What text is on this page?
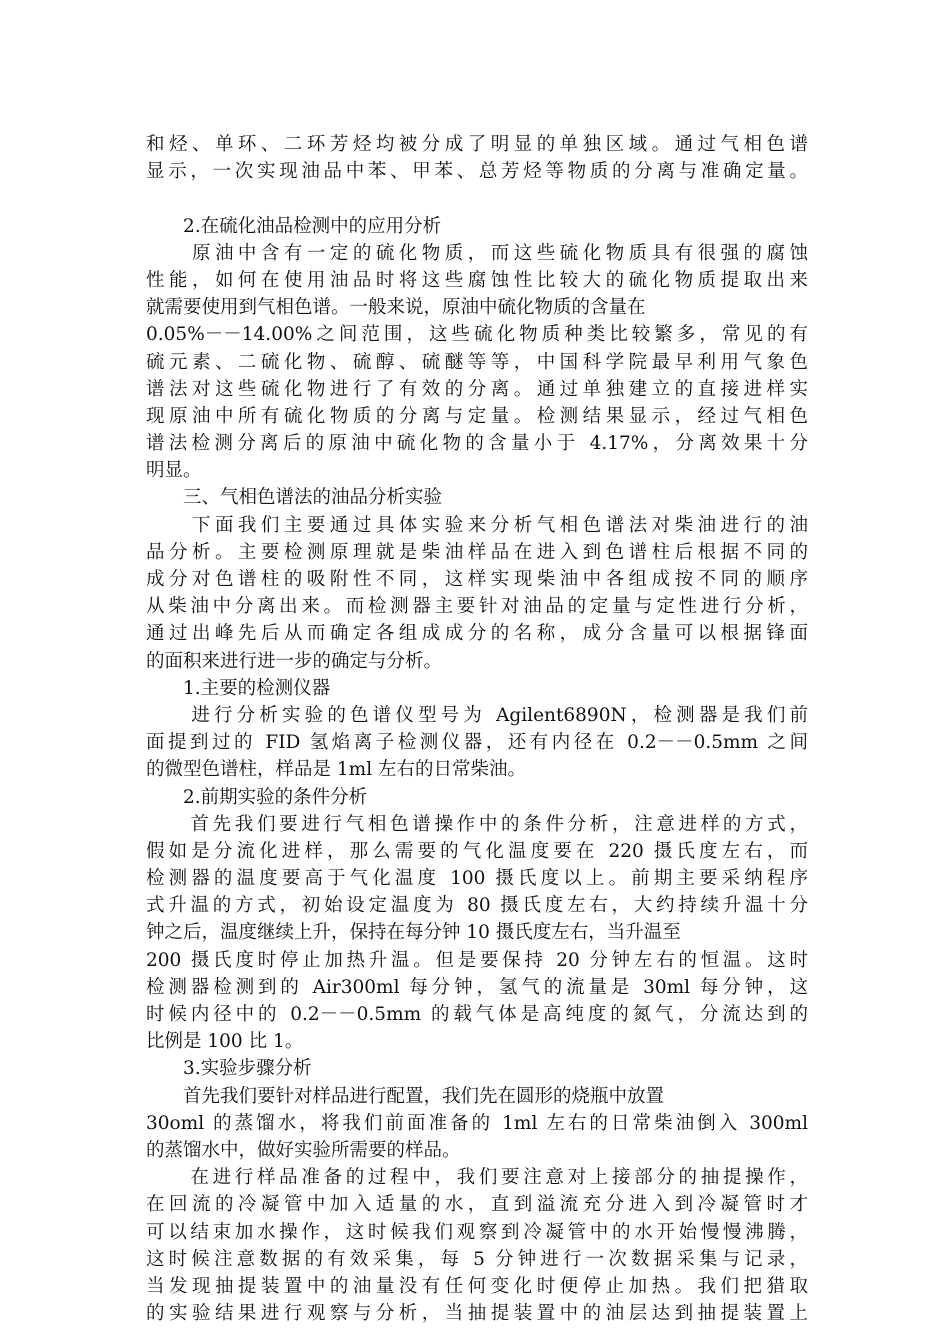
和烃、单环、二环芳烃均被分成了明显的单独区域。通过气相色谱
显示，一次实现油品中苯、甲苯、总芳烃等物质的分离与准确定量。
　　2.在硫化油品检测中的应用分析
　　原油中含有一定的硫化物质，而这些硫化物质具有很强的腐蚀
性能，如何在使用油品时将这些腐蚀性比较大的硫化物质提取出来
就需要使用到气相色谱。一般来说，原油中硫化物质的含量在
0.05%－－14.00%之间范围，这些硫化物质种类比较繁多，常见的有
硫元素、二硫化物、硫醇、硫醚等等，中国科学院最早利用气象色
谱法对这些硫化物进行了有效的分离。通过单独建立的直接进样实
现原油中所有硫化物质的分离与定量。检测结果显示，经过气相色
谱法检测分离后的原油中硫化物的含量小于 4.17%，分离效果十分
明显。
　　三、气相色谱法的油品分析实验
　　下面我们主要通过具体实验来分析气相色谱法对柴油进行的油
品分析。主要检测原理就是柴油样品在进入到色谱柱后根据不同的
成分对色谱柱的吸附性不同，这样实现柴油中各组成按不同的顺序
从柴油中分离出来。而检测器主要针对油品的定量与定性进行分析，
通过出峰先后从而确定各组成成分的名称，成分含量可以根据锋面
的面积来进行进一步的确定与分析。
　　1.主要的检测仪器
　　进行分析实验的色谱仪型号为 Agilent6890N，检测器是我们前
面提到过的 FID 氢焰离子检测仪器，还有内径在 0.2－－0.5mm 之间
的微型色谱柱，样品是 1ml 左右的日常柴油。
　　2.前期实验的条件分析
　　首先我们要进行气相色谱操作中的条件分析，注意进样的方式，
假如是分流化进样，那么需要的气化温度要在 220 摄氏度左右，而
检测器的温度要高于气化温度 100 摄氏度以上。前期主要采纳程序
式升温的方式，初始设定温度为 80 摄氏度左右，大约持续升温十分
钟之后，温度继续上升，保持在每分钟 10 摄氏度左右，当升温至
200 摄氏度时停止加热升温。但是要保持 20 分钟左右的恒温。这时
检测器检测到的 Air300ml 每分钟，氢气的流量是 30ml 每分钟，这
时候内径中的 0.2－－0.5mm 的载气体是高纯度的氮气，分流达到的
比例是 100 比 1。
　　3.实验步骤分析
　　首先我们要针对样品进行配置，我们先在圆形的烧瓶中放置
30oml 的蒸馏水，将我们前面准备的 1ml 左右的日常柴油倒入 300ml
的蒸馏水中，做好实验所需要的样品。
　　在进行样品准备的过程中，我们要注意对上接部分的抽提操作，
在回流的冷凝管中加入适量的水，直到溢流充分进入到冷凝管时才
可以结束加水操作，这时候我们观察到冷凝管中的水开始慢慢沸腾，
这时候注意数据的有效采集，每 5 分钟进行一次数据采集与记录，
当发现抽提装置中的油量没有任何变化时便停止加热。我们把猎取
的实验结果进行观察与分析，当抽提装置中的油层达到抽提装置上
